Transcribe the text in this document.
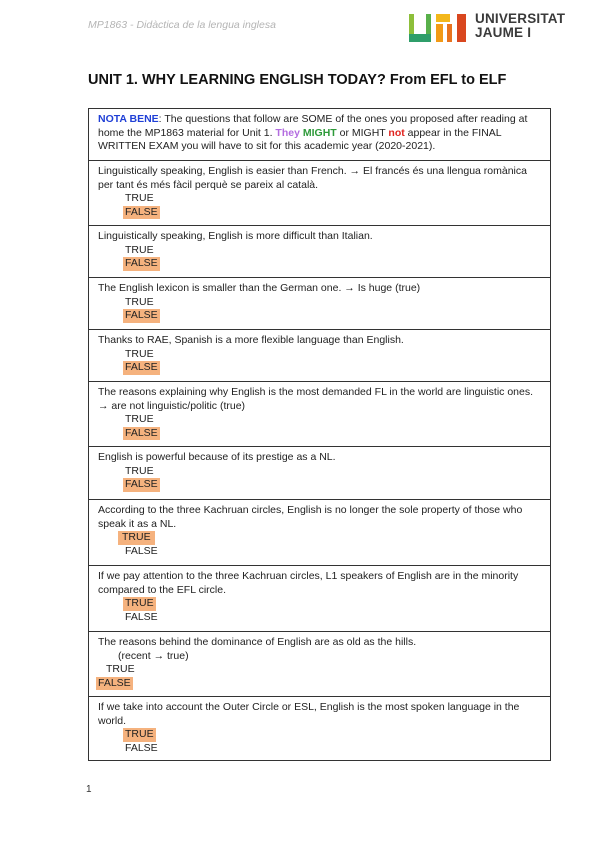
MP1863 - Didàctica de la lengua inglesa	UNIVERSITAT
JAUME I
UNIT 1. WHY LEARNING ENGLISH TODAY? From EFL to ELF
NOTA BENE: The questions that follow are SOME of the ones you proposed after reading at home the MP1863 material for Unit 1. They MIGHT or MIGHT not appear in the FINAL WRITTEN EXAM you will have to sit for this academic year (2020-2021).
Linguistically speaking, English is easier than French. → El francés és una llengua romànica per tant és més fàcil perquè se pareix al català.
TRUE
FALSE
Linguistically speaking, English is more difficult than Italian.
TRUE
FALSE
The English lexicon is smaller than the German one. → Is huge (true)
TRUE
FALSE
Thanks to RAE, Spanish is a more flexible language than English.
TRUE
FALSE
The reasons explaining why English is the most demanded FL in the world are linguistic ones. → are not linguistic/politic (true)
TRUE
FALSE
English is powerful because of its prestige as a NL.
TRUE
FALSE
According to the three Kachruan circles, English is no longer the sole property of those who speak it as a NL.
TRUE
FALSE
If we pay attention to the three Kachruan circles, L1 speakers of English are in the minority compared to the EFL circle.
TRUE
FALSE
The reasons behind the dominance of English are as old as the hills.
(recent → true)
TRUE
FALSE
If we take into account the Outer Circle or ESL, English is the most spoken language in the world.
TRUE
FALSE
1
